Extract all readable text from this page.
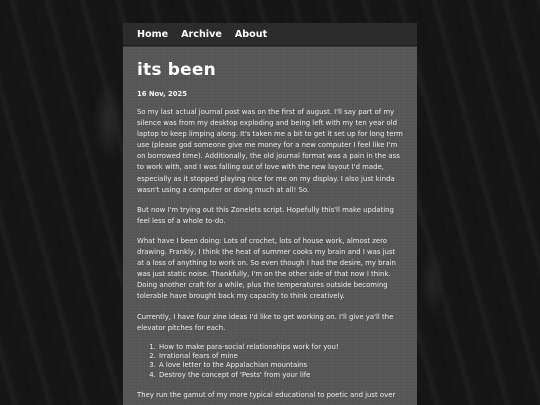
Home Archive About
its been
16 Nov, 2025

So my last actual journal post was on the first of august. I'll say part of my silence was from my desktop exploding and being left with my ten year old laptop to keep limping along. It's taken me a bit to get it set up for long term use (please god someone give me money for a new computer I feel like I'm on borrowed time). Additionally, the old journal format was a pain in the ass to work with, and I was falling out of love with the new layout I'd made, especially as it stopped playing nice for me on my display. I also just kinda wasn't using a computer or doing much at all! So.

But now I'm trying out this Zonelets script. Hopefully this'll make updating feel less of a whole to-do.

What have I been doing: Lots of crochet, lots of house work, almost zero drawing. Frankly, I think the heat of summer cooks my brain and I was just at a loss of anything to work on. So even though I had the desire, my brain was just static noise. Thankfully, I'm on the other side of that now I think. Doing another craft for a while, plus the temperatures outside becoming tolerable have brought back my capacity to think creatively.

Currently, I have four zine ideas I'd like to get working on. I'll give ya'll the elevator pitches for each.

1. How to make para-social relationships work for you!
2. Irrational fears of mine
3. A love letter to the Appalachian mountains
4. Destroy the concept of 'Pests' from your life

They run the gamut of my more typical educational to poetic and just over
